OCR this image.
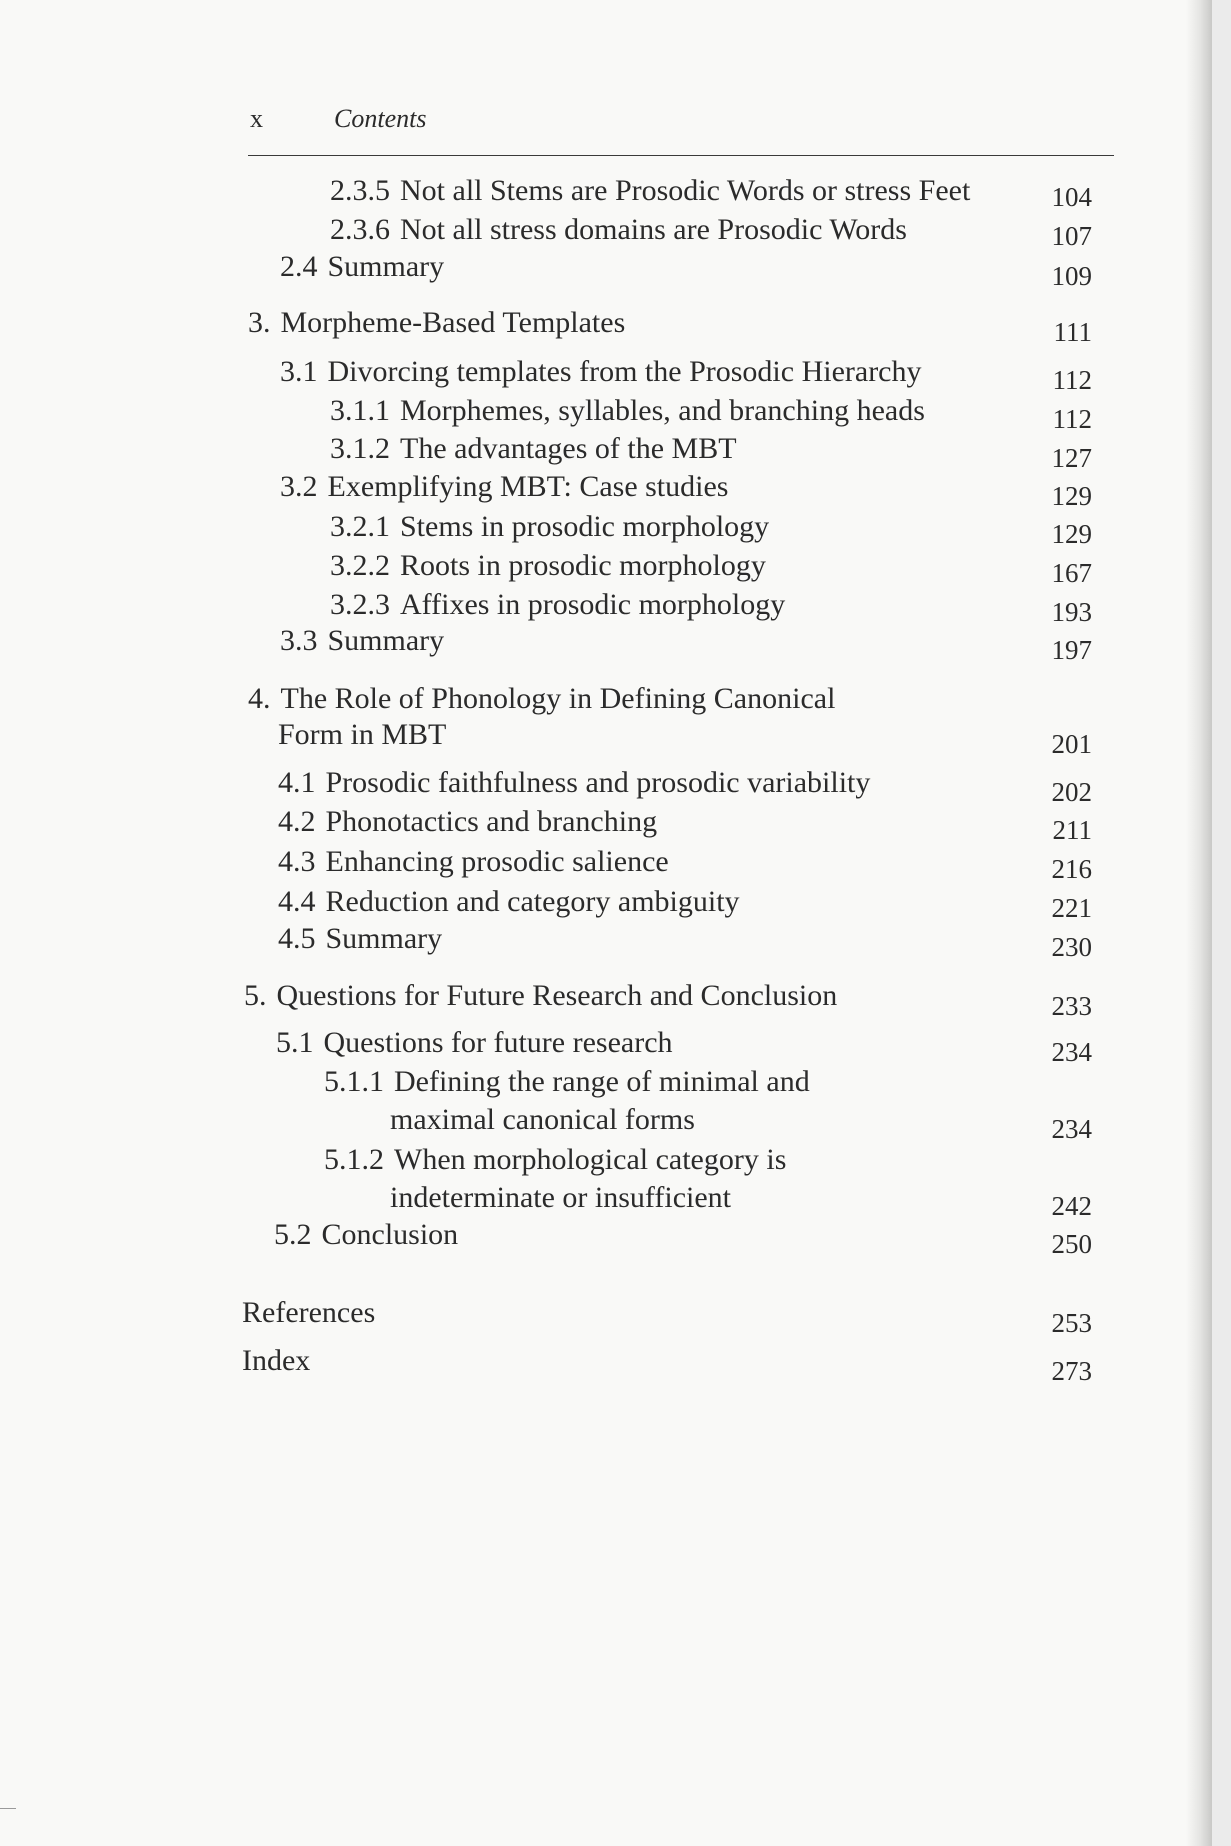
x	Contents
2.3.5 Not all Stems are Prosodic Words or stress Feet	104
2.3.6 Not all stress domains are Prosodic Words	107
2.4 Summary	109
3. Morpheme-Based Templates	111
3.1 Divorcing templates from the Prosodic Hierarchy	112
3.1.1 Morphemes, syllables, and branching heads	112
3.1.2 The advantages of the MBT	127
3.2 Exemplifying MBT: Case studies	129
3.2.1 Stems in prosodic morphology	129
3.2.2 Roots in prosodic morphology	167
3.2.3 Affixes in prosodic morphology	193
3.3 Summary	197
4. The Role of Phonology in Defining Canonical
Form in MBT	201
4.1 Prosodic faithfulness and prosodic variability	202
4.2 Phonotactics and branching	211
4.3 Enhancing prosodic salience	216
4.4 Reduction and category ambiguity	221
4.5 Summary	230
5. Questions for Future Research and Conclusion	233
5.1 Questions for future research	234
5.1.1 Defining the range of minimal and
maximal canonical forms	234
5.1.2 When morphological category is
indeterminate or insufficient	242
5.2 Conclusion	250
References	253
Index	273
